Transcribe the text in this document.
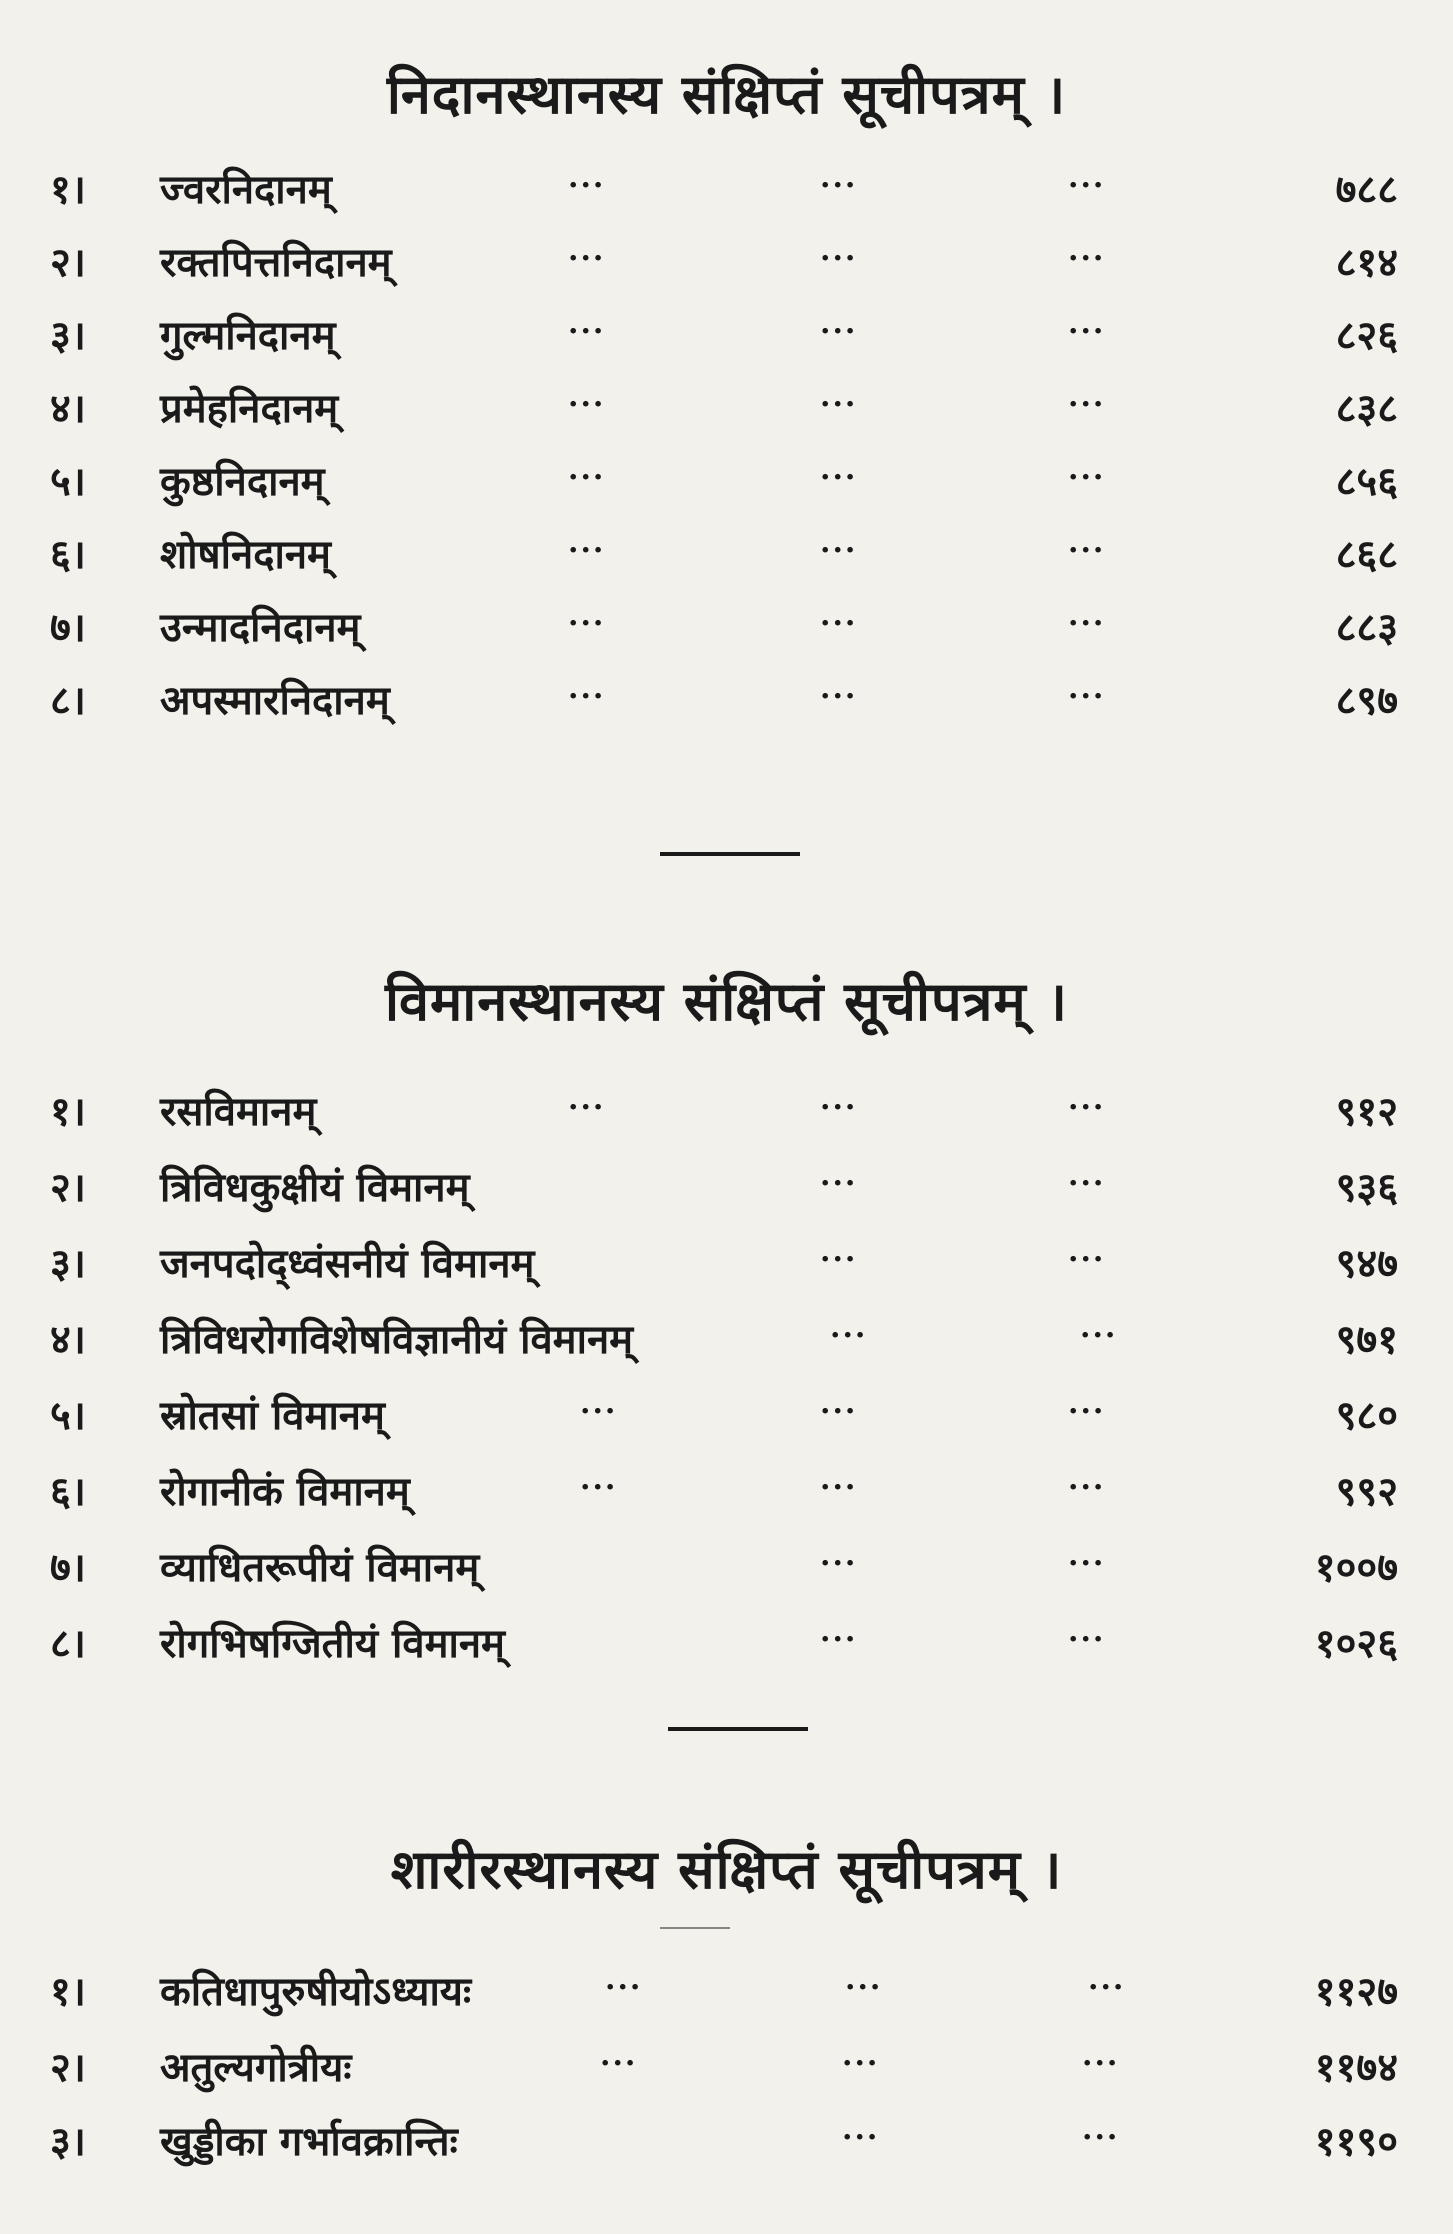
निदानस्थानस्य संक्षिप्तं सूचीपत्रम् ।
१।	ज्वरनिदानम्	...	...	...	७८८
२।	रक्तपित्तनिदानम्	...	...	...	८१४
३।	गुल्मनिदानम्	...	...	...	८२६
४।	प्रमेहनिदानम्	...	...	...	८३८
५।	कुष्ठनिदानम्	...	...	...	८५६
६।	शोषनिदानम्	...	...	...	८६८
७।	उन्मादनिदानम्	...	...	...	८८३
८।	अपस्मारनिदानम्	...	...	...	८९७
विमानस्थानस्य संक्षिप्तं सूचीपत्रम् ।
१।	रसविमानम्	...	...	...	९१२
२।	त्रिविधकुक्षीयं विमानम्	...	...	९३६
३।	जनपदोद्ध्वंसनीयं विमानम्	...	...	९४७
४।	त्रिविधरोगविशेषविज्ञानीयं विमानम्	...	...	९७१
५।	स्रोतसां विमानम्	...	...	...	९८०
६।	रोगानीकं विमानम्	...	...	...	९९२
७।	व्याधितरूपीयं विमानम्	...	...	१००७
८।	रोगभिषग्जितीयं विमानम्	...	...	१०२६
शारीरस्थानस्य संक्षिप्तं सूचीपत्रम् ।
१।	कतिधापुरुषीयोऽध्यायः	...	...	...	११२७
२।	अतुल्यगोत्रीयः	...	...	...	११७४
३।	खुड्डीका गर्भावक्रान्तिः	...	...	११९०
